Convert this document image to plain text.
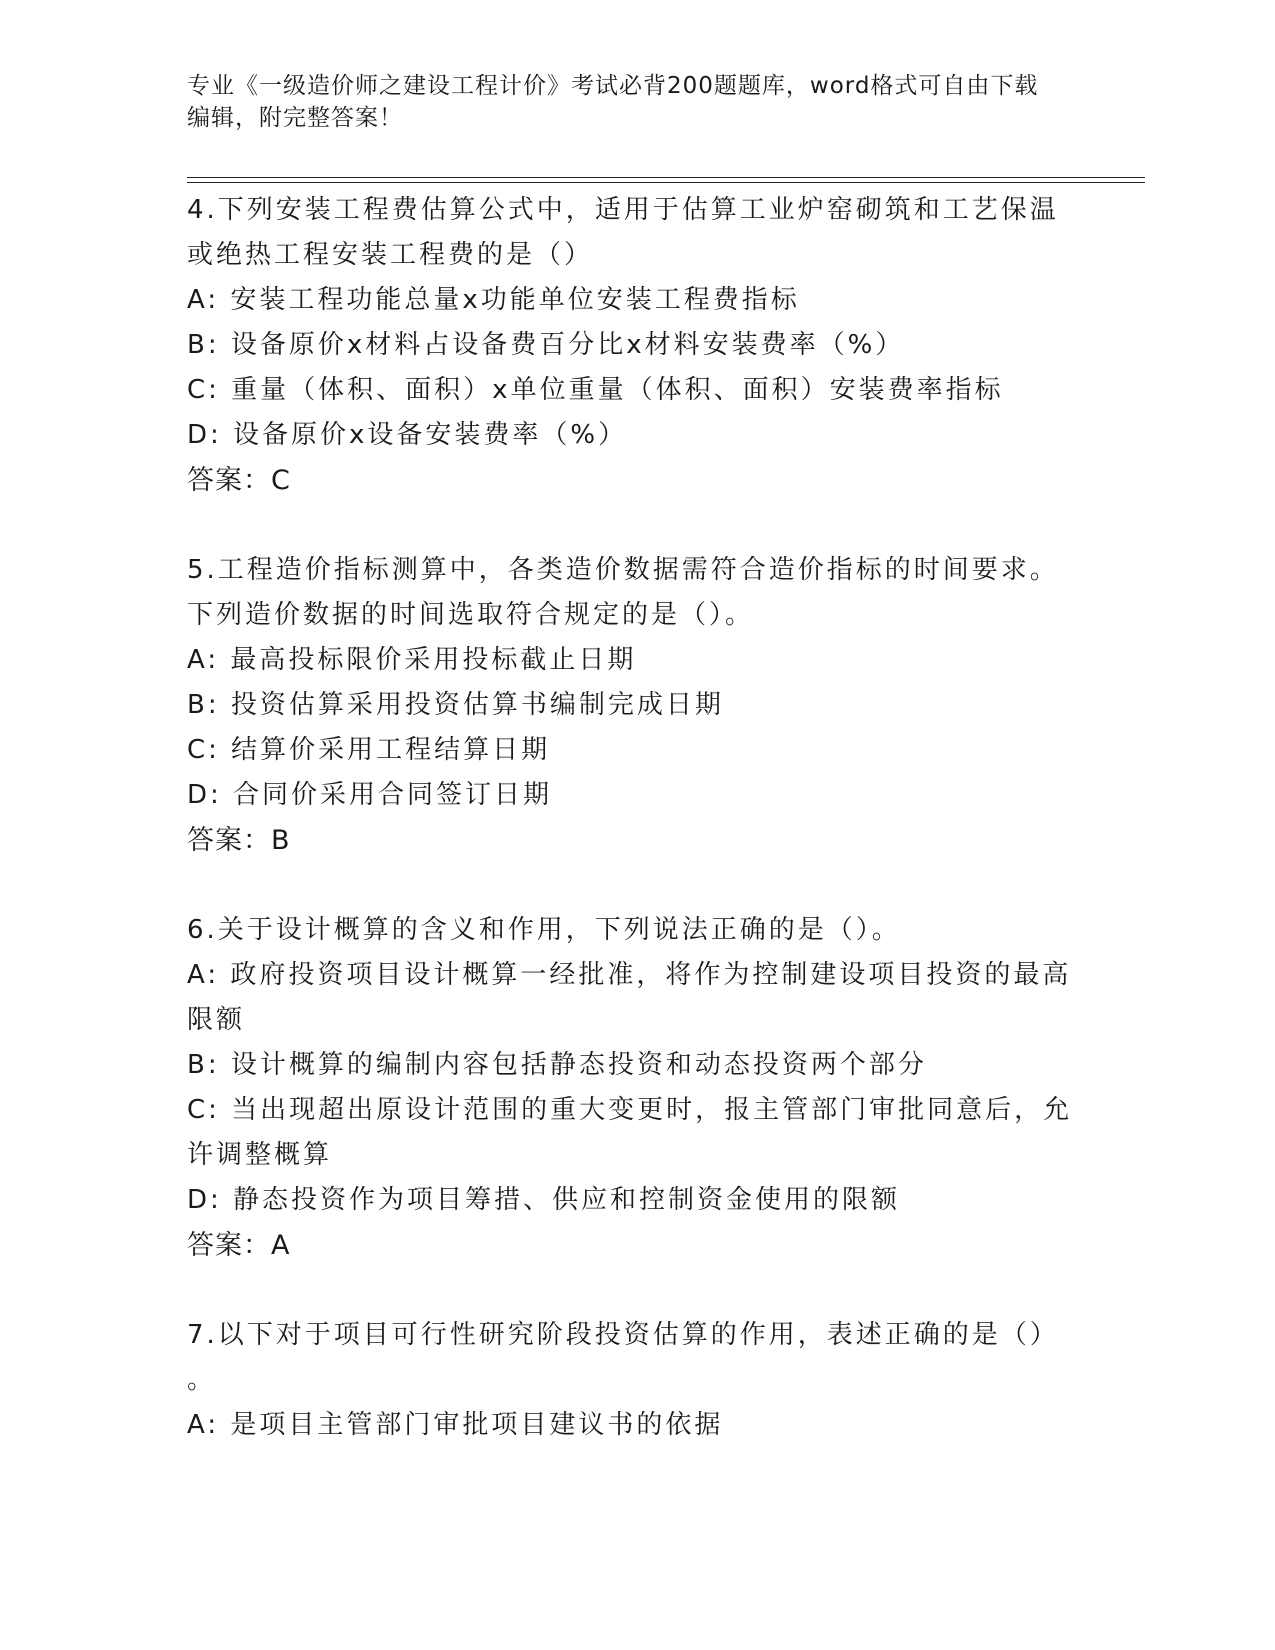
专业《一级造价师之建设工程计价》考试必背200题题库，word格式可自由下载
编辑，附完整答案！
4.下列安装工程费估算公式中，适用于估算工业炉窑砌筑和工艺保温
或绝热工程安装工程费的是（）
A: 安装工程功能总量x功能单位安装工程费指标
B: 设备原价x材料占设备费百分比x材料安装费率（%）
C: 重量（体积、面积）x单位重量（体积、面积）安装费率指标
D: 设备原价x设备安装费率（%）
答案：C
5.工程造价指标测算中，各类造价数据需符合造价指标的时间要求。
下列造价数据的时间选取符合规定的是（）。
A: 最高投标限价采用投标截止日期
B: 投资估算采用投资估算书编制完成日期
C: 结算价采用工程结算日期
D: 合同价采用合同签订日期
答案：B
6.关于设计概算的含义和作用，下列说法正确的是（）。
A: 政府投资项目设计概算一经批准，将作为控制建设项目投资的最高
限额
B: 设计概算的编制内容包括静态投资和动态投资两个部分
C: 当出现超出原设计范围的重大变更时，报主管部门审批同意后，允
许调整概算
D: 静态投资作为项目筹措、供应和控制资金使用的限额
答案：A
7.以下对于项目可行性研究阶段投资估算的作用，表述正确的是（）
。
A: 是项目主管部门审批项目建议书的依据
